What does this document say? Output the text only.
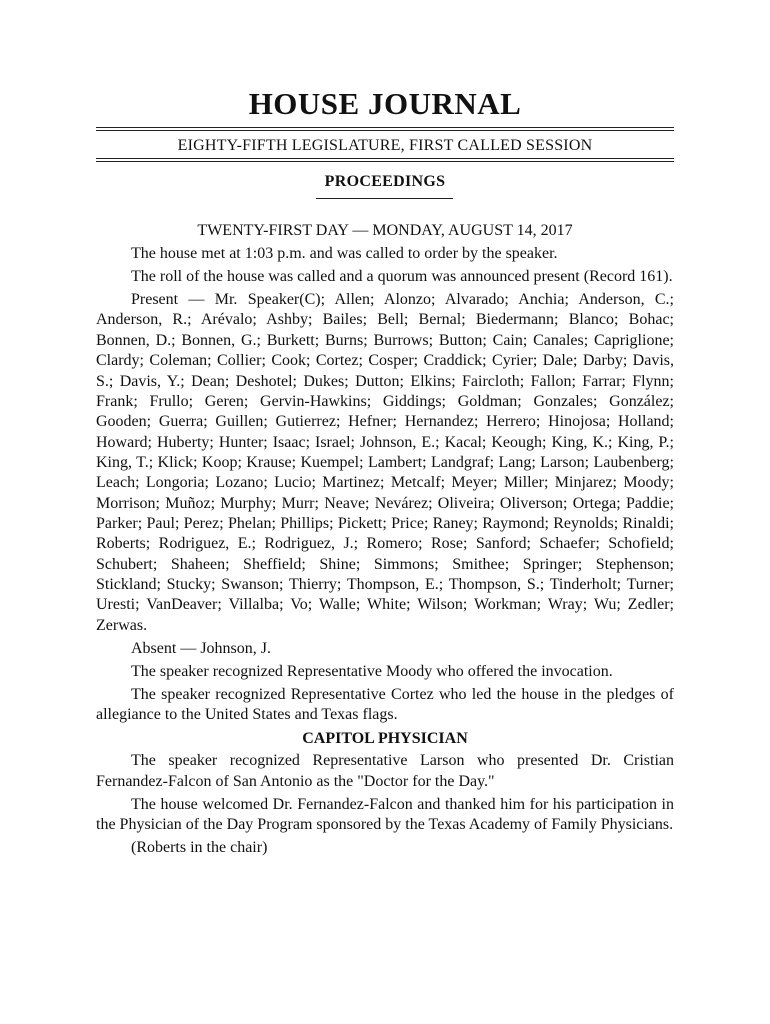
HOUSE JOURNAL
EIGHTY-FIFTH LEGISLATURE, FIRST CALLED SESSION
PROCEEDINGS
TWENTY-FIRST DAY — MONDAY, AUGUST 14, 2017

The house met at 1:03 p.m. and was called to order by the speaker.

The roll of the house was called and a quorum was announced present (Record 161).

Present — Mr. Speaker(C); Allen; Alonzo; Alvarado; Anchia; Anderson, C.; Anderson, R.; Arévalo; Ashby; Bailes; Bell; Bernal; Biedermann; Blanco; Bohac; Bonnen, D.; Bonnen, G.; Burkett; Burns; Burrows; Button; Cain; Canales; Capriglione; Clardy; Coleman; Collier; Cook; Cortez; Cosper; Craddick; Cyrier; Dale; Darby; Davis, S.; Davis, Y.; Dean; Deshotel; Dukes; Dutton; Elkins; Faircloth; Fallon; Farrar; Flynn; Frank; Frullo; Geren; Gervin-Hawkins; Giddings; Goldman; Gonzales; González; Gooden; Guerra; Guillen; Gutierrez; Hefner; Hernandez; Herrero; Hinojosa; Holland; Howard; Huberty; Hunter; Isaac; Israel; Johnson, E.; Kacal; Keough; King, K.; King, P.; King, T.; Klick; Koop; Krause; Kuempel; Lambert; Landgraf; Lang; Larson; Laubenberg; Leach; Longoria; Lozano; Lucio; Martinez; Metcalf; Meyer; Miller; Minjarez; Moody; Morrison; Muñoz; Murphy; Murr; Neave; Nevárez; Oliveira; Oliverson; Ortega; Paddie; Parker; Paul; Perez; Phelan; Phillips; Pickett; Price; Raney; Raymond; Reynolds; Rinaldi; Roberts; Rodriguez, E.; Rodriguez, J.; Romero; Rose; Sanford; Schaefer; Schofield; Schubert; Shaheen; Sheffield; Shine; Simmons; Smithee; Springer; Stephenson; Stickland; Stucky; Swanson; Thierry; Thompson, E.; Thompson, S.; Tinderholt; Turner; Uresti; VanDeaver; Villalba; Vo; Walle; White; Wilson; Workman; Wray; Wu; Zedler; Zerwas.

Absent — Johnson, J.

The speaker recognized Representative Moody who offered the invocation.

The speaker recognized Representative Cortez who led the house in the pledges of allegiance to the United States and Texas flags.

CAPITOL PHYSICIAN

The speaker recognized Representative Larson who presented Dr. Cristian Fernandez-Falcon of San Antonio as the "Doctor for the Day."

The house welcomed Dr. Fernandez-Falcon and thanked him for his participation in the Physician of the Day Program sponsored by the Texas Academy of Family Physicians.

(Roberts in the chair)
